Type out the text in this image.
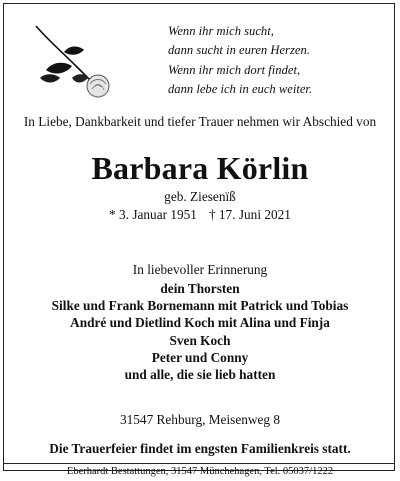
Wenn ihr mich sucht,
dann sucht in euren Herzen.
Wenn ihr mich dort findet,
dann lebe ich in euch weiter.
In Liebe, Dankbarkeit und tiefer Trauer nehmen wir Abschied von
Barbara Körlin
geb. Ziesenïß
* 3. Januar 1951 † 17. Juni 2021
In liebevoller Erinnerung
dein Thorsten
Silke und Frank Bornemann mit Patrick und Tobias
André und Dietlind Koch mit Alina und Finja
Sven Koch
Peter und Conny
und alle, die sie lieb hatten
31547 Rehburg, Meisenweg 8
Die Trauerfeier findet im engsten Familienkreis statt.
Eberhardt Bestattungen, 31547 Münchehagen, Tel. 05037/1222
